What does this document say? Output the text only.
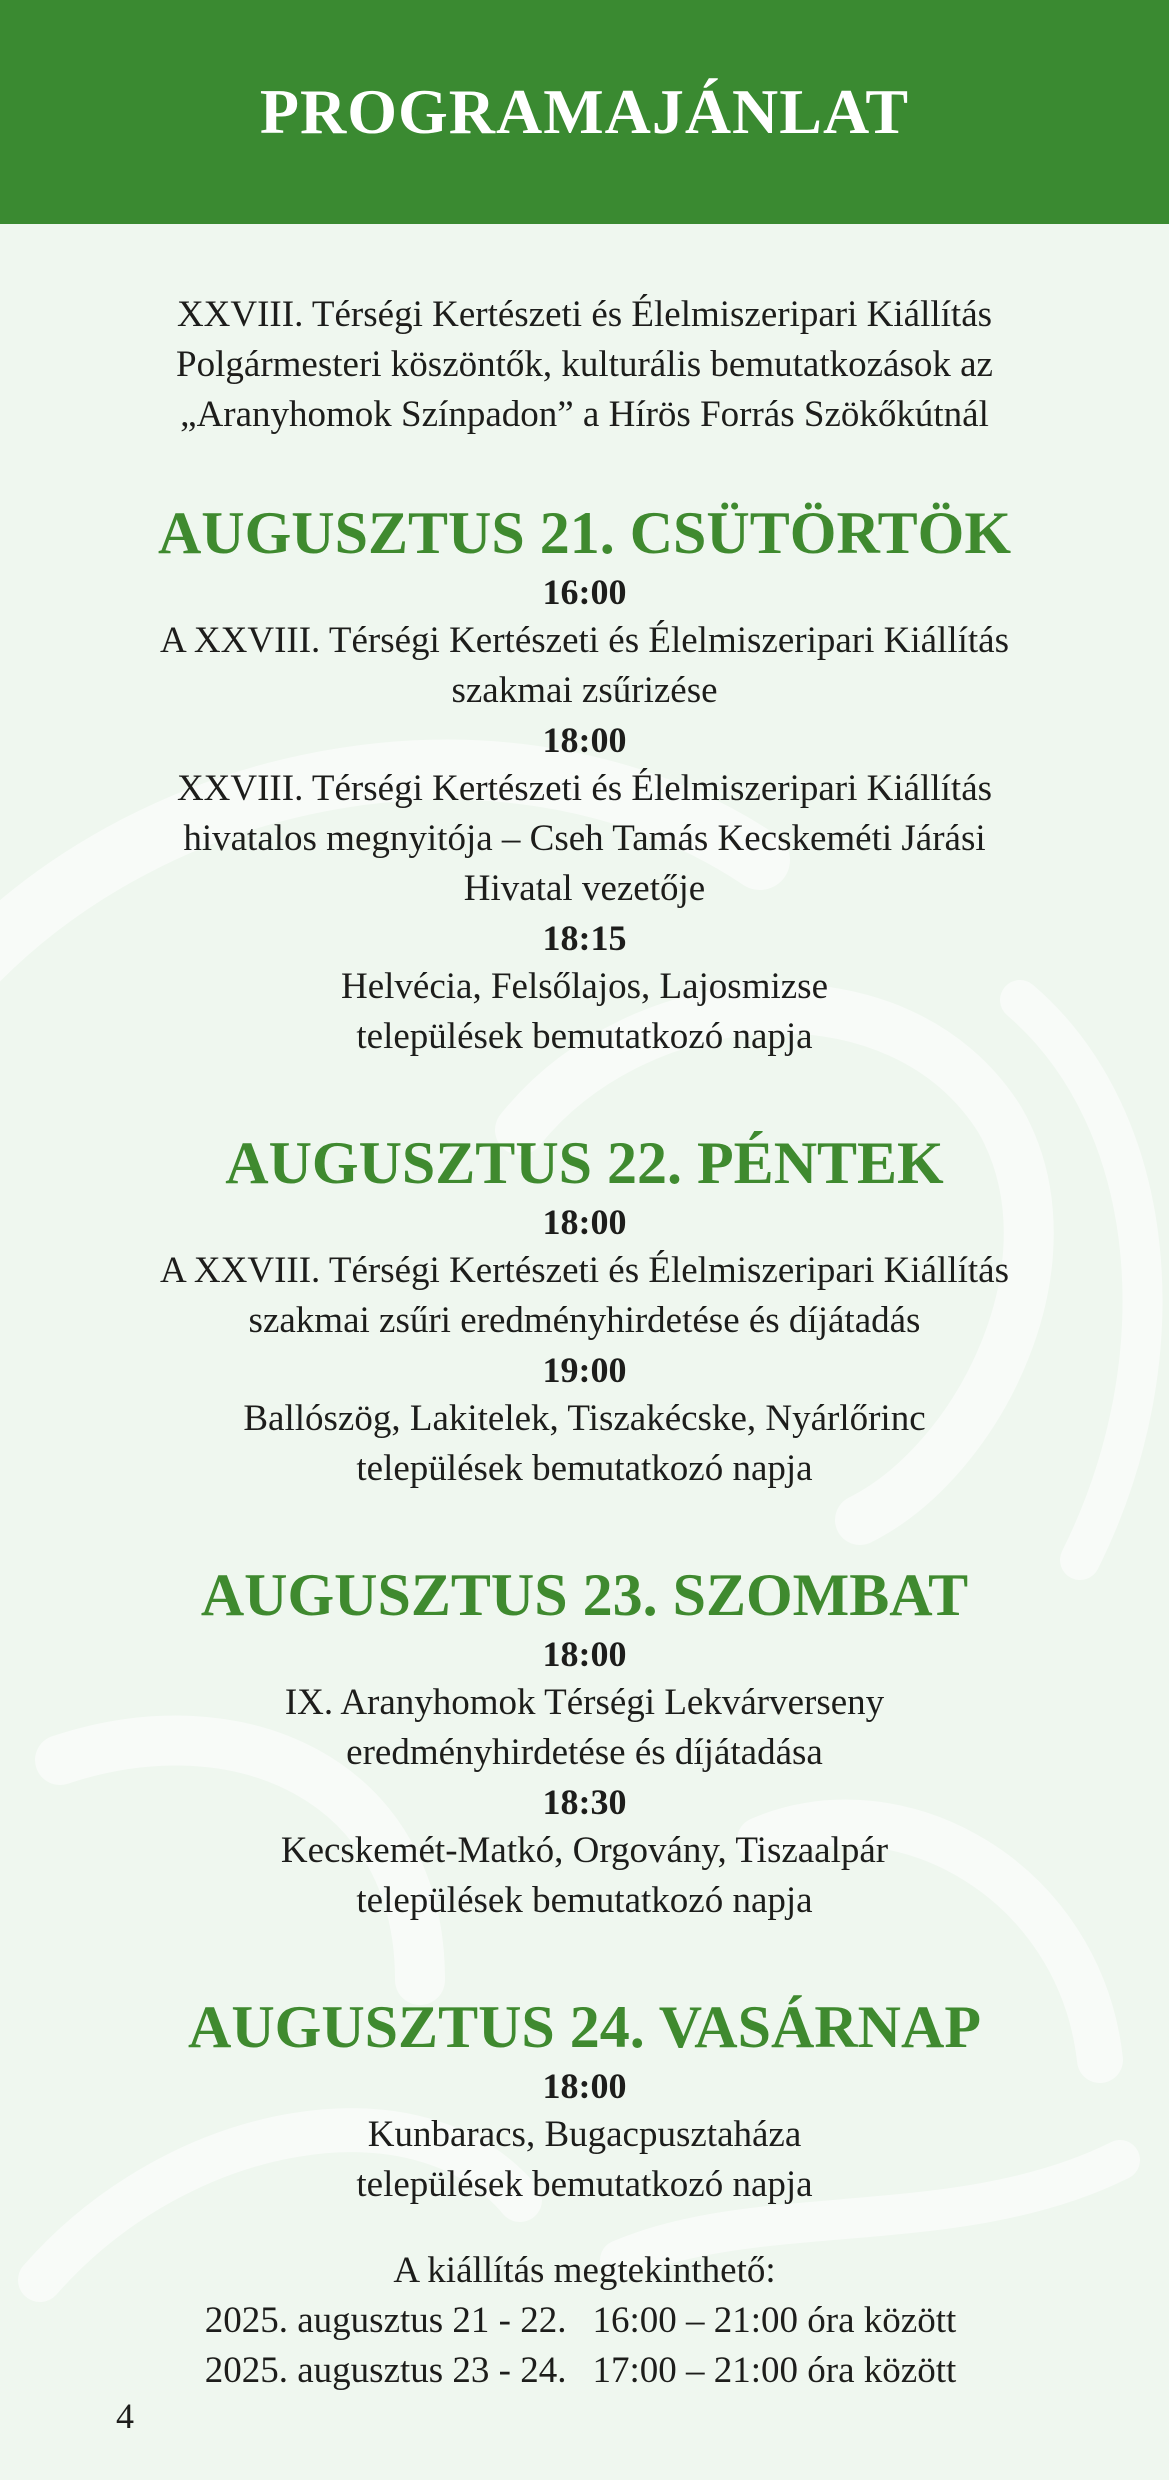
PROGRAMAJÁNLAT
XXVIII. Térségi Kertészeti és Élelmiszeripari Kiállítás
Polgármesteri köszöntők, kulturális bemutatkozások az
„Aranyhomok Színpadon” a Hírös Forrás Szökőkútnál
AUGUSZTUS 21. CSÜTÖRTÖK
16:00
A XXVIII. Térségi Kertészeti és Élelmiszeripari Kiállítás
szakmai zsűrizése
18:00
XXVIII. Térségi Kertészeti és Élelmiszeripari Kiállítás
hivatalos megnyitója – Cseh Tamás Kecskeméti Járási
Hivatal vezetője
18:15
Helvécia, Felsőlajos, Lajosmizse
települések bemutatkozó napja
AUGUSZTUS 22. PÉNTEK
18:00
A XXVIII. Térségi Kertészeti és Élelmiszeripari Kiállítás
szakmai zsűri eredményhirdetése és díjátadás
19:00
Ballószög, Lakitelek, Tiszakécske, Nyárlőrinc
települések bemutatkozó napja
AUGUSZTUS 23. SZOMBAT
18:00
IX. Aranyhomok Térségi Lekvárverseny
eredményhirdetése és díjátadása
18:30
Kecskemét-Matkó, Orgovány, Tiszaalpár
települések bemutatkozó napja
AUGUSZTUS 24. VASÁRNAP
18:00
Kunbaracs, Bugacpusztaháza
települések bemutatkozó napja
A kiállítás megtekinthető:
2025. augusztus 21 - 22. 16:00 – 21:00 óra között
2025. augusztus 23 - 24. 17:00 – 21:00 óra között
4
